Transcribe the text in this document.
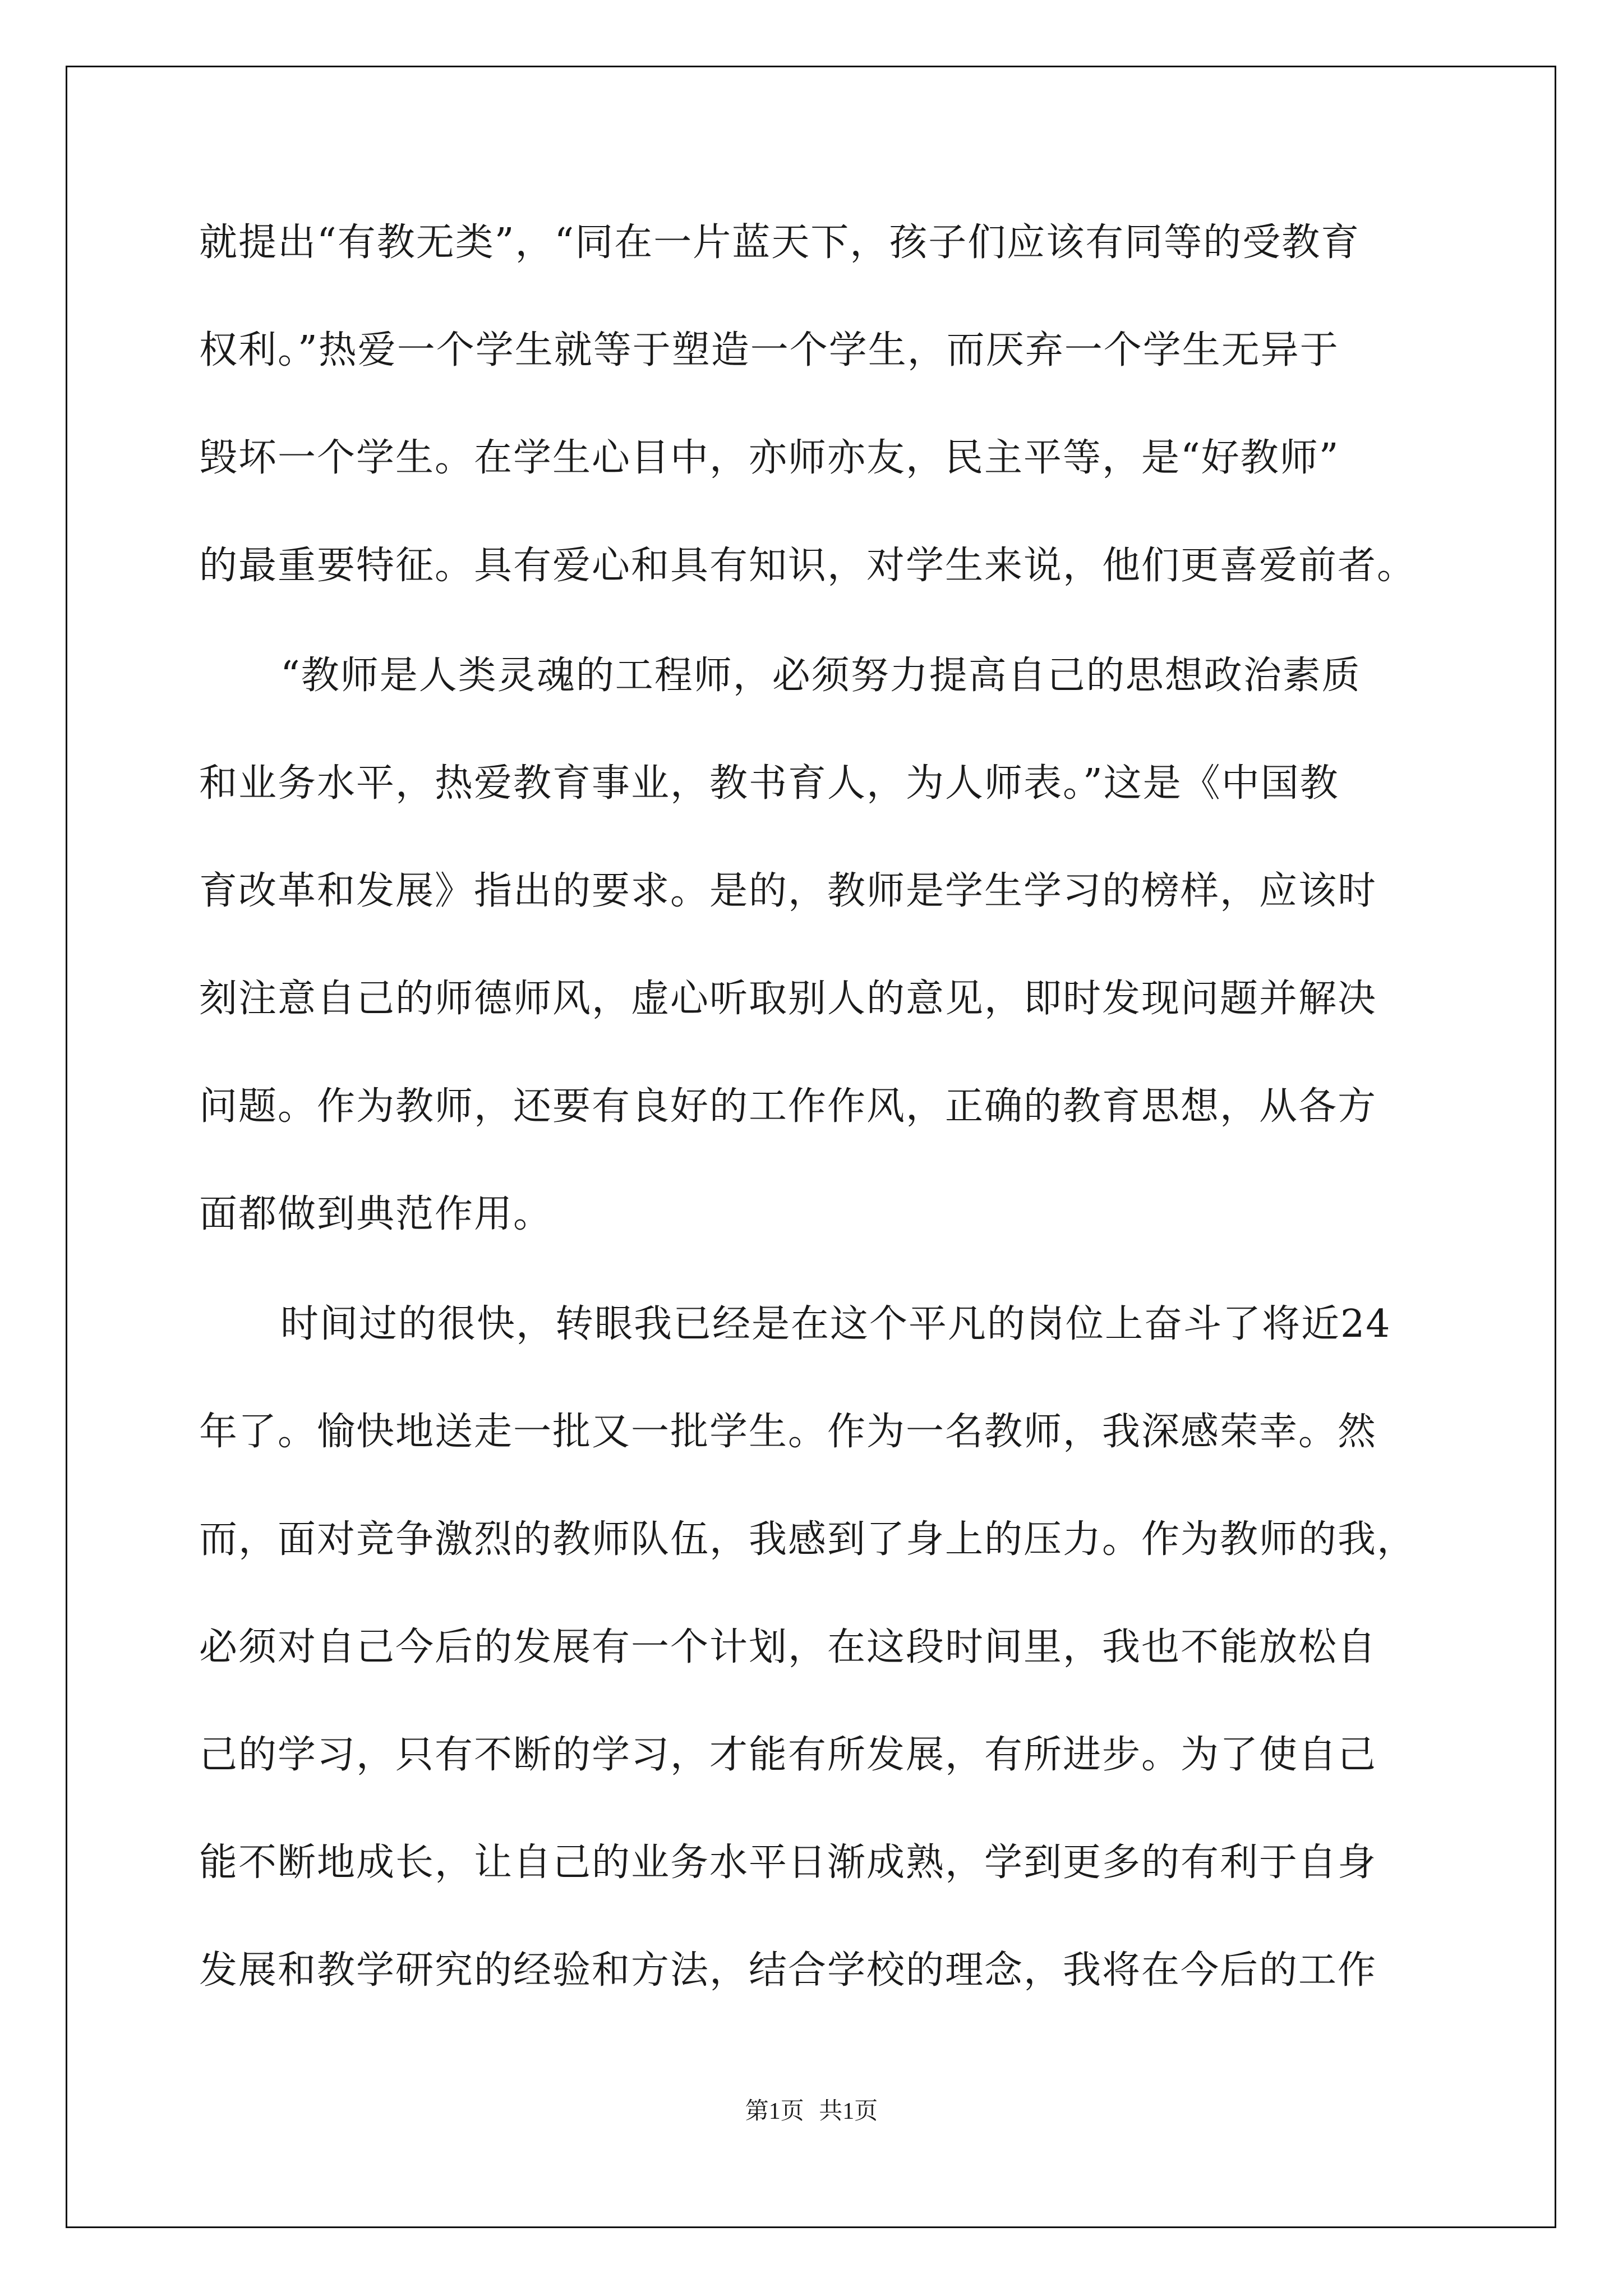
就提出“有教无类”，“同在一片蓝天下，孩子们应该有同等的受教育
权利。”热爱一个学生就等于塑造一个学生，而厌弃一个学生无异于
毁坏一个学生。在学生心目中，亦师亦友，民主平等，是“好教师”
的最重要特征。具有爱心和具有知识，对学生来说，他们更喜爱前者。
“教师是人类灵魂的工程师，必须努力提高自己的思想政治素质
和业务水平，热爱教育事业，教书育人，为人师表。”这是《中国教
育改革和发展》指出的要求。是的，教师是学生学习的榜样，应该时
刻注意自己的师德师风，虚心听取别人的意见，即时发现问题并解决
问题。作为教师，还要有良好的工作作风，正确的教育思想，从各方
面都做到典范作用。
时间过的很快，转眼我已经是在这个平凡的岗位上奋斗了将近24
年了。愉快地送走一批又一批学生。作为一名教师，我深感荣幸。然
而，面对竞争激烈的教师队伍，我感到了身上的压力。作为教师的我，
必须对自己今后的发展有一个计划，在这段时间里，我也不能放松自
己的学习，只有不断的学习，才能有所发展，有所进步。为了使自己
能不断地成长，让自己的业务水平日渐成熟，学到更多的有利于自身
发展和教学研究的经验和方法，结合学校的理念，我将在今后的工作
第1页 共1页
